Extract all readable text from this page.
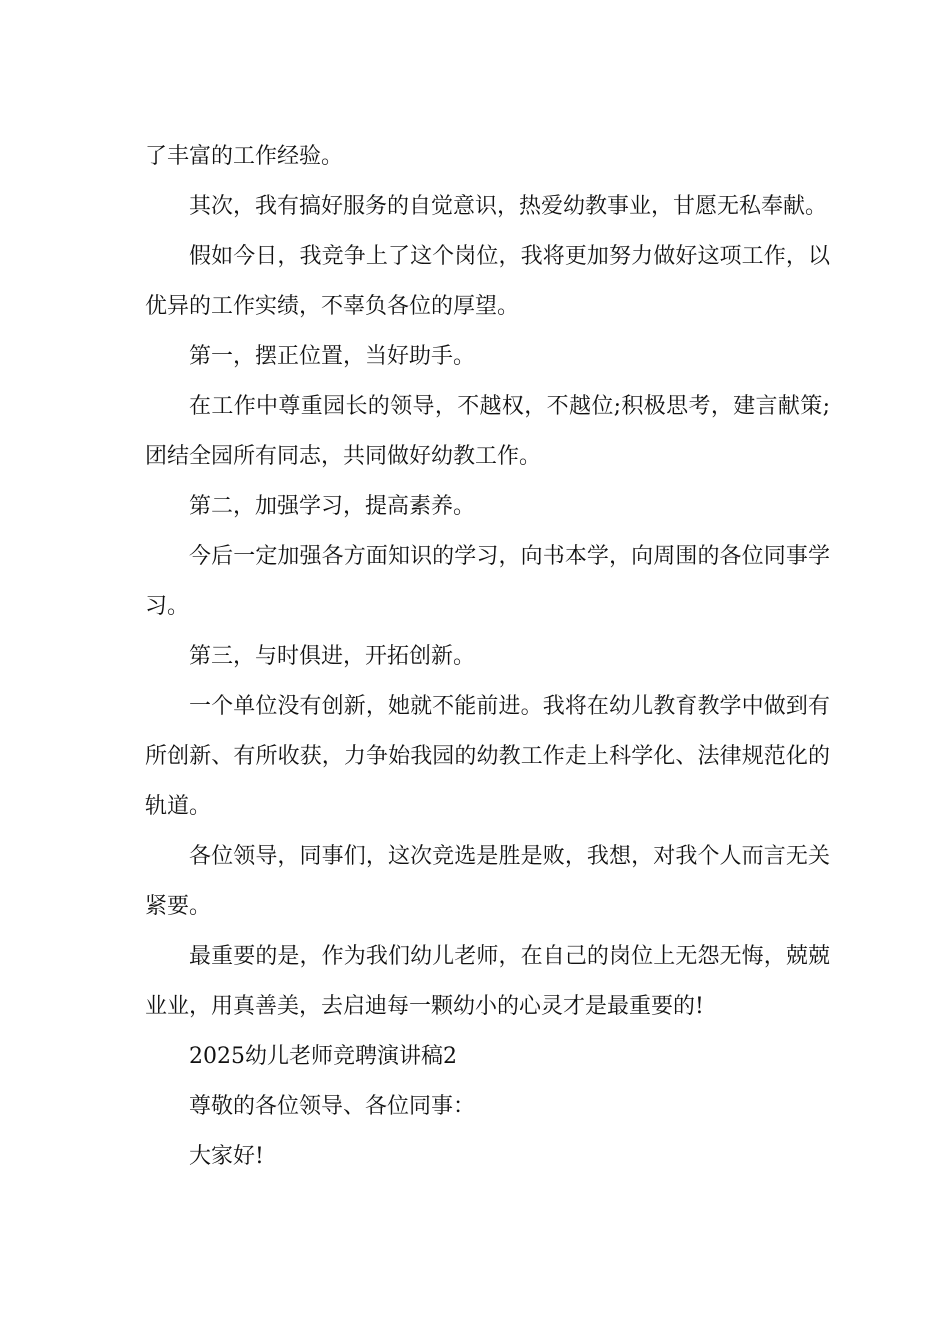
了丰富的工作经验。

其次，我有搞好服务的自觉意识，热爱幼教事业，甘愿无私奉献。

假如今日，我竞争上了这个岗位，我将更加努力做好这项工作，以优异的工作实绩，不辜负各位的厚望。

第一，摆正位置，当好助手。

在工作中尊重园长的领导，不越权，不越位;积极思考，建言献策;团结全园所有同志，共同做好幼教工作。

第二，加强学习，提高素养。

今后一定加强各方面知识的学习，向书本学，向周围的各位同事学习。

第三，与时俱进，开拓创新。

一个单位没有创新，她就不能前进。我将在幼儿教育教学中做到有所创新、有所收获，力争始我园的幼教工作走上科学化、法律规范化的轨道。

各位领导，同事们，这次竞选是胜是败，我想，对我个人而言无关紧要。

最重要的是，作为我们幼儿老师，在自己的岗位上无怨无悔，兢兢业业，用真善美，去启迪每一颗幼小的心灵才是最重要的!

2025幼儿老师竞聘演讲稿2

尊敬的各位领导、各位同事：

大家好!
